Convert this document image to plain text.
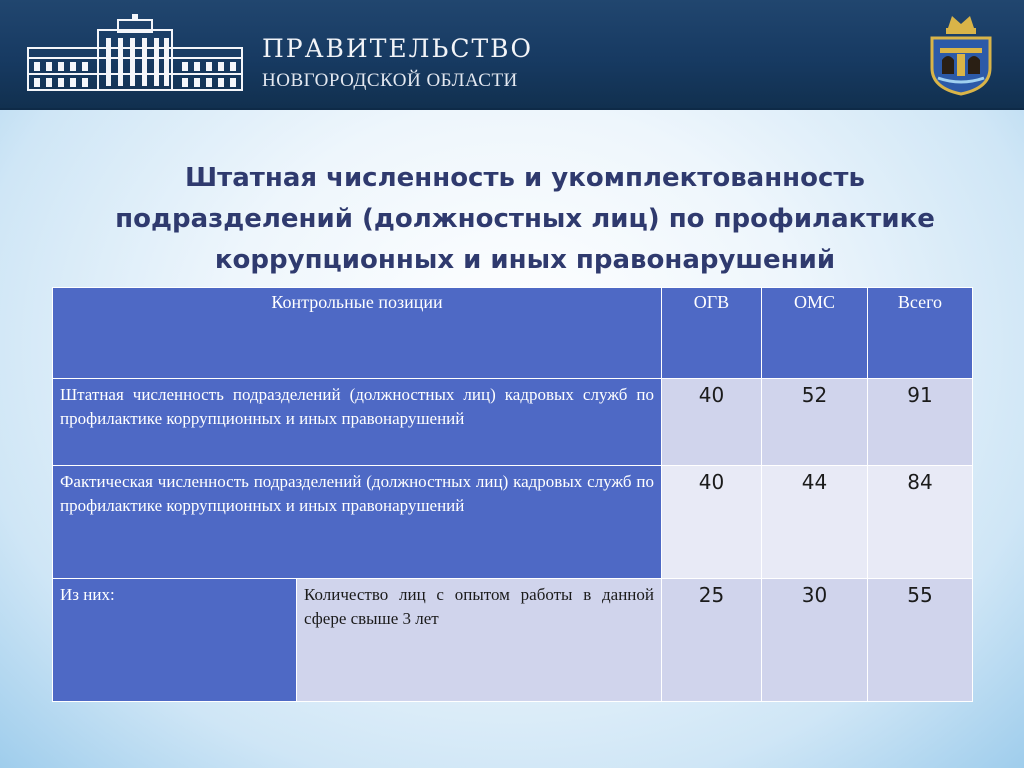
ПРАВИТЕЛЬСТВО
НОВГОРОДСКОЙ ОБЛАСТИ
Штатная численность и укомплектованность
подразделений (должностных лиц) по профилактике
коррупционных и иных правонарушений
Контрольные позиции		ОГВ	ОМС	Всего
Штатная численность подразделений (должностных лиц) кадровых служб по профилактике коррупционных и иных правонарушений		40	52	91
Фактическая численность подразделений (должностных лиц) кадровых служб по профилактике коррупционных и иных правонарушений		40	44	84
Из них:	Количество лиц с опытом работы в данной сфере свыше 3 лет	25	30	55
